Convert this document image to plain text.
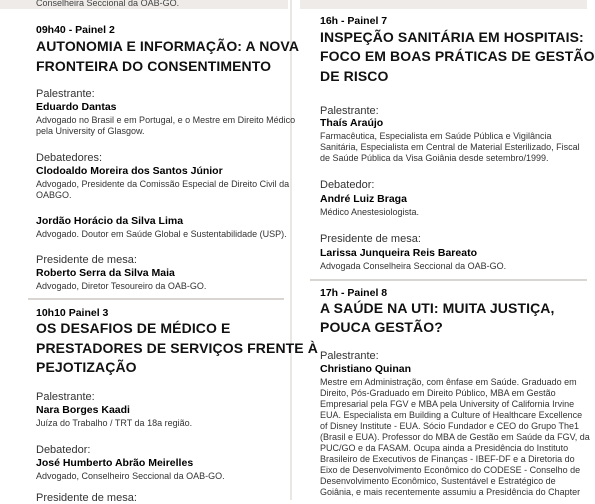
Conselheira Seccional da OAB-GO.
09h40 - Painel 2
AUTONOMIA E INFORMAÇÃO: A NOVA
FRONTEIRA DO CONSENTIMENTO
Palestrante:
Eduardo Dantas
Advogado no Brasil e em Portugal, e o Mestre em Direito Médico
pela University of Glasgow.
Debatedores:
Clodoaldo Moreira dos Santos Júnior
Advogado, Presidente da Comissão Especial de Direito Civil da
OABGO.
Jordão Horácio da Silva Lima
Advogado. Doutor em Saúde Global e Sustentabilidade (USP).
Presidente de mesa:
Roberto Serra da Silva Maia
Advogado, Diretor Tesoureiro da OAB-GO.
10h10 Painel 3
OS DESAFIOS DE MÉDICO E
PRESTADORES DE SERVIÇOS FRENTE À
PEJOTIZAÇÃO
Palestrante:
Nara Borges Kaadi
Juíza do Trabalho / TRT da 18a região.
Debatedor:
José Humberto Abrão Meirelles
Advogado, Conselheiro Seccional da OAB-GO.
Presidente de mesa:
16h - Painel 7
INSPEÇÃO SANITÁRIA EM HOSPITAIS:
FOCO EM BOAS PRÁTICAS DE GESTÃO
DE RISCO
Palestrante:
Thaís Araújo
Farmacêutica, Especialista em Saúde Pública e Vigilância
Sanitária, Especialista em Central de Material Esterilizado, Fiscal
de Saúde Pública da Visa Goiânia desde setembro/1999.
Debatedor:
André Luiz Braga
Médico Anestesiologista.
Presidente de mesa:
Larissa Junqueira Reis Bareato
Advogada Conselheira Seccional da OAB-GO.
17h - Painel 8
A SAÚDE NA UTI: MUITA JUSTIÇA,
POUCA GESTÃO?
Palestrante:
Christiano Quinan
Mestre em Administração, com ênfase em Saúde. Graduado em
Direito, Pós-Graduado em Direito Público, MBA em Gestão
Empresarial pela FGV e MBA pela University of California Irvine
EUA. Especialista em Building a Culture of Healthcare Excellence
of Disney Institute - EUA. Sócio Fundador e CEO do Grupo The1
(Brasil e EUA). Professor do MBA de Gestão em Saúde da FGV, da
PUC/GO e da FASAM. Ocupa ainda a Presidência do Instituto
Brasileiro de Executivos de Finanças - IBEF-DF e a Diretoria do
Eixo de Desenvolvimento Econômico do CODESE - Conselho de
Desenvolvimento Econômico, Sustentável e Estratégico de
Goiânia, e mais recentemente assumiu a Presidência do Chapter
